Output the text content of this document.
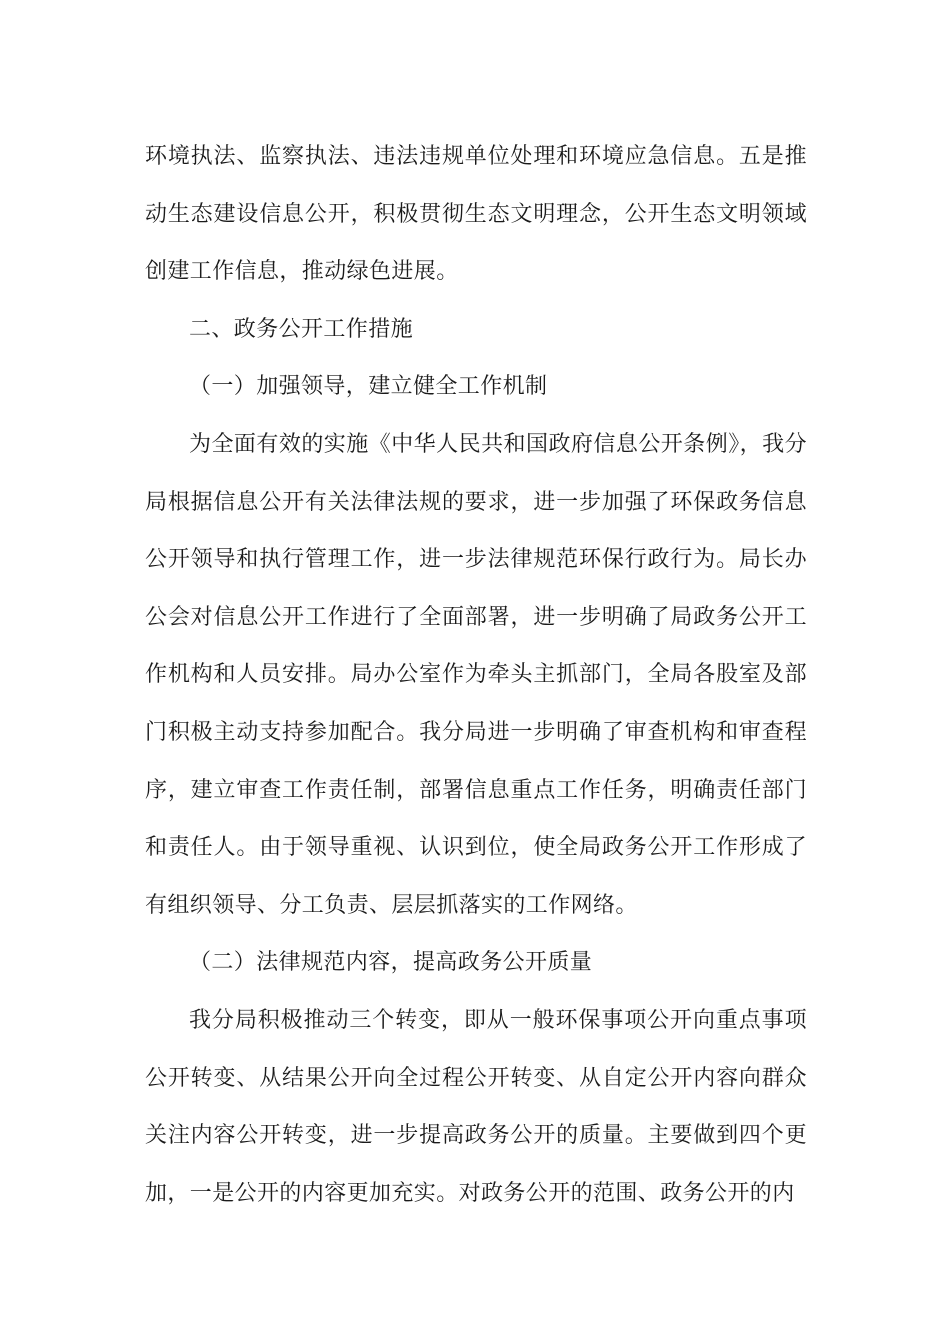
环境执法、监察执法、违法违规单位处理和环境应急信息。五是推动生态建设信息公开，积极贯彻生态文明理念，公开生态文明领域创建工作信息，推动绿色进展。

二、政务公开工作措施

（一）加强领导，建立健全工作机制

为全面有效的实施《中华人民共和国政府信息公开条例》，我分局根据信息公开有关法律法规的要求，进一步加强了环保政务信息公开领导和执行管理工作，进一步法律规范环保行政行为。局长办公会对信息公开工作进行了全面部署，进一步明确了局政务公开工作机构和人员安排。局办公室作为牵头主抓部门，全局各股室及部门积极主动支持参加配合。我分局进一步明确了审查机构和审查程序，建立审查工作责任制，部署信息重点工作任务，明确责任部门和责任人。由于领导重视、认识到位，使全局政务公开工作形成了有组织领导、分工负责、层层抓落实的工作网络。

（二）法律规范内容，提高政务公开质量

我分局积极推动三个转变，即从一般环保事项公开向重点事项公开转变、从结果公开向全过程公开转变、从自定公开内容向群众关注内容公开转变，进一步提高政务公开的质量。主要做到四个更加，一是公开的内容更加充实。对政务公开的范围、政务公开的内
